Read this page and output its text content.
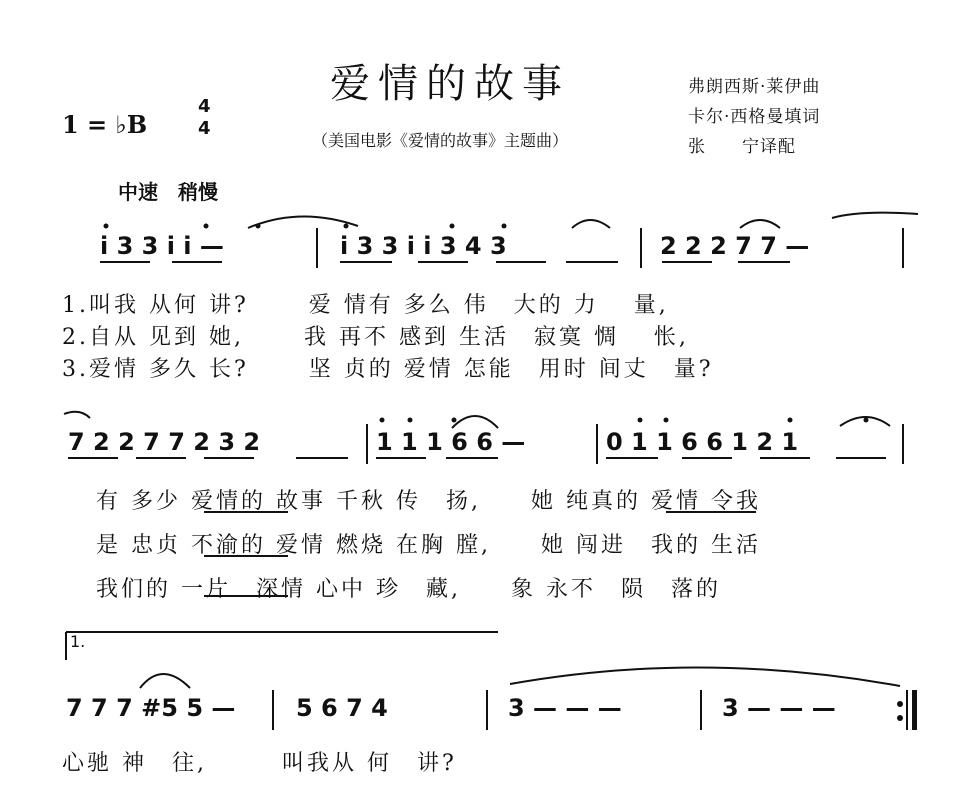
爱情的故事
（美国电影《爱情的故事》主题曲）
弗朗西斯·莱伊曲
卡尔·西格曼填词
张　　宁译配
1 = ♭B
4
4
中速　稍慢
i 3 3 i i —	i 3 3 i i 3 4 3	2 2 2 7 7 —
1.叫我 从何 讲?　　 爱 情有 多么 伟　大的 力　 量,
2.自从 见到 她,　　 我 再不 感到 生活　寂寞 惆　 怅,
3.爱情 多久 长?　　 坚 贞的 爱情 怎能　用时 间丈　量?
7 2 2 7 7 2 3 2	1 1 1 6 6 —	0 1 1 6 6 1 2 1
有 多少 爱情的 故事 千秋 传　扬,　　她 纯真的 爱情 令我
是 忠贞 不渝的 爱情 燃烧 在胸 膛,　　她 闯进　我的 生活
我们的 一片　深情 心中 珍　藏,　　象 永不　陨　落的
1.
7 7 7 #5 5 —	5 6 7 4	3 — — —	3 — — —
心驰 神　往,　　　叫我从 何　讲?
